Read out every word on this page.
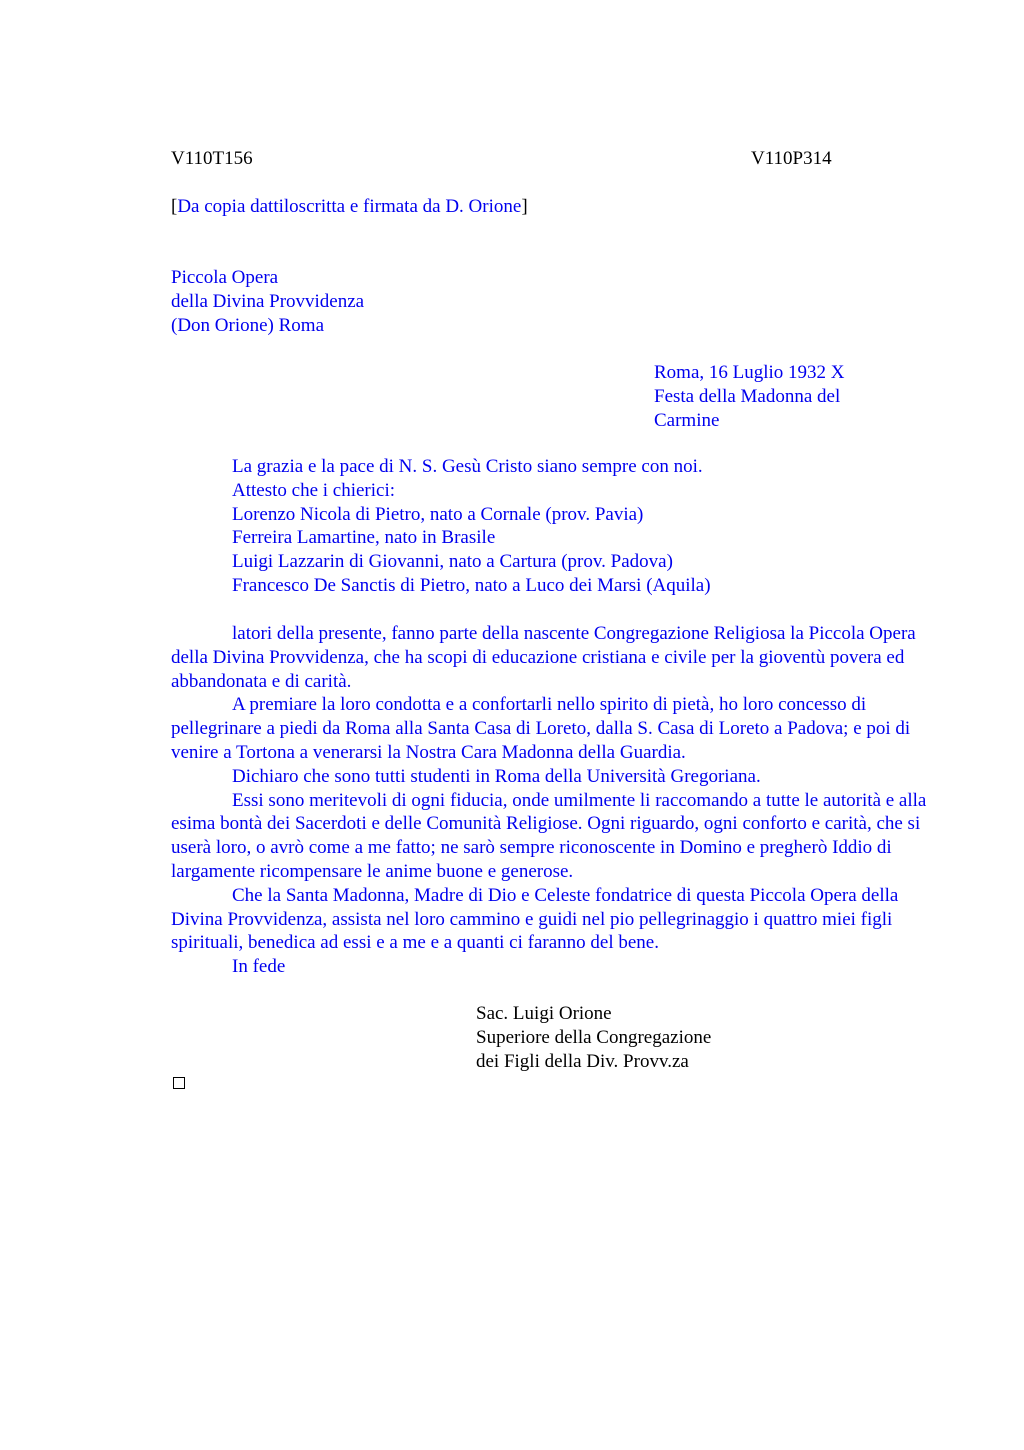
V110T156	V110P314
[Da copia dattiloscritta e firmata da D. Orione]
Piccola Opera
della Divina Provvidenza
(Don Orione) Roma
Roma, 16 Luglio 1932 X
Festa della Madonna del
Carmine
La grazia e la pace di N. S. Gesù Cristo siano sempre con noi.
Attesto che i chierici:
Lorenzo Nicola di Pietro, nato a Cornale (prov. Pavia)
Ferreira Lamartine, nato in Brasile
Luigi Lazzarin di Giovanni, nato a Cartura (prov. Padova)
Francesco De Sanctis di Pietro, nato a Luco dei Marsi (Aquila)

latori della presente, fanno parte della nascente Congregazione Religiosa la Piccola Opera della Divina Provvidenza, che ha scopi di educazione cristiana e civile per la gioventù povera ed abbandonata e di carità.

A premiare la loro condotta e a confortarli nello spirito di pietà, ho loro concesso di pellegrinare a piedi da Roma alla Santa Casa di Loreto, dalla S. Casa di Loreto a Padova; e poi di venire a Tortona a venerarsi la Nostra Cara Madonna della Guardia.

Dichiaro che sono tutti studenti in Roma della Università Gregoriana.

Essi sono meritevoli di ogni fiducia, onde umilmente li raccomando a tutte le autorità e alla esima bontà dei Sacerdoti e delle Comunità Religiose. Ogni riguardo, ogni conforto e carità, che si userà loro, o avrò come a me fatto; ne sarò sempre riconoscente in Domino e pregherò Iddio di largamente ricompensare le anime buone e generose.

Che la Santa Madonna, Madre di Dio e Celeste fondatrice di questa Piccola Opera della Divina Provvidenza, assista nel loro cammino e guidi nel pio pellegrinaggio i quattro miei figli spirituali, benedica ad essi e a me e a quanti ci faranno del bene.

In fede

Sac. Luigi Orione
Superiore della Congregazione
dei Figli della Div. Provv.za
